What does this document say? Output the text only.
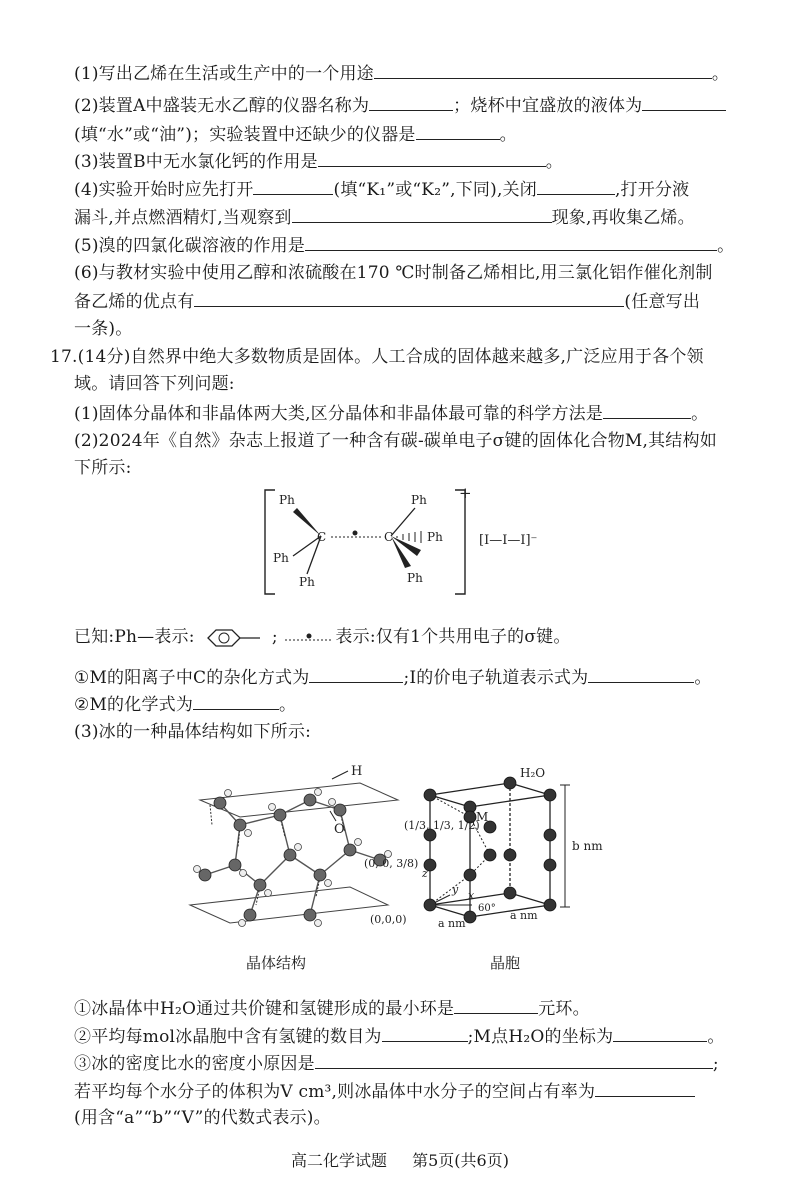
(1)写出乙烯在生活或生产中的一个用途	。
(2)装置A中盛装无水乙醇的仪器名称为	；烧杯中宜盛放的液体为
(填“水”或“油”)；实验装置中还缺少的仪器是	。
(3)装置B中无水氯化钙的作用是	。
(4)实验开始时应先打开	(填“K₁”或“K₂”,下同),关闭	,打开分液
漏斗,并点燃酒精灯,当观察到	现象,再收集乙烯。
(5)溴的四氯化碳溶液的作用是	。
(6)与教材实验中使用乙醇和浓硫酸在170 ℃时制备乙烯相比,用三氯化铝作催化剂制
备乙烯的优点有	(任意写出
一条)。
17.(14分)自然界中绝大多数物质是固体。人工合成的固体越来越多,广泛应用于各个领
域。请回答下列问题:
(1)固体分晶体和非晶体两大类,区分晶体和非晶体最可靠的科学方法是	。
(2)2024年《自然》杂志上报道了一种含有碳-碳单电子σ键的固体化合物M,其结构如
下所示:
Ph
Ph
Ph
C	C
Ph
Ph
Ph
+
[I—I—I]⁻
已知:Ph—表示:	;	表示:仅有1个共用电子的σ键。
①M的阳离子中C的杂化方式为	;I的价电子轨道表示式为	。
②M的化学式为	。
(3)冰的一种晶体结构如下所示:
H
O
晶体结构
H₂O
M
(1/3, 1/3, 1/2)
(0, 0, 3/8)
(0,0,0)
b nm
a nm
a nm
60°
x
y
z
晶胞
①冰晶体中H₂O通过共价键和氢键形成的最小环是	元环。
②平均每mol冰晶胞中含有氢键的数目为	;M点H₂O的坐标为	。
③冰的密度比水的密度小原因是	;
若平均每个水分子的体积为V cm³,则冰晶体中水分子的空间占有率为
(用含“a”“b”“V”的代数式表示)。
高二化学试题 第5页(共6页)
